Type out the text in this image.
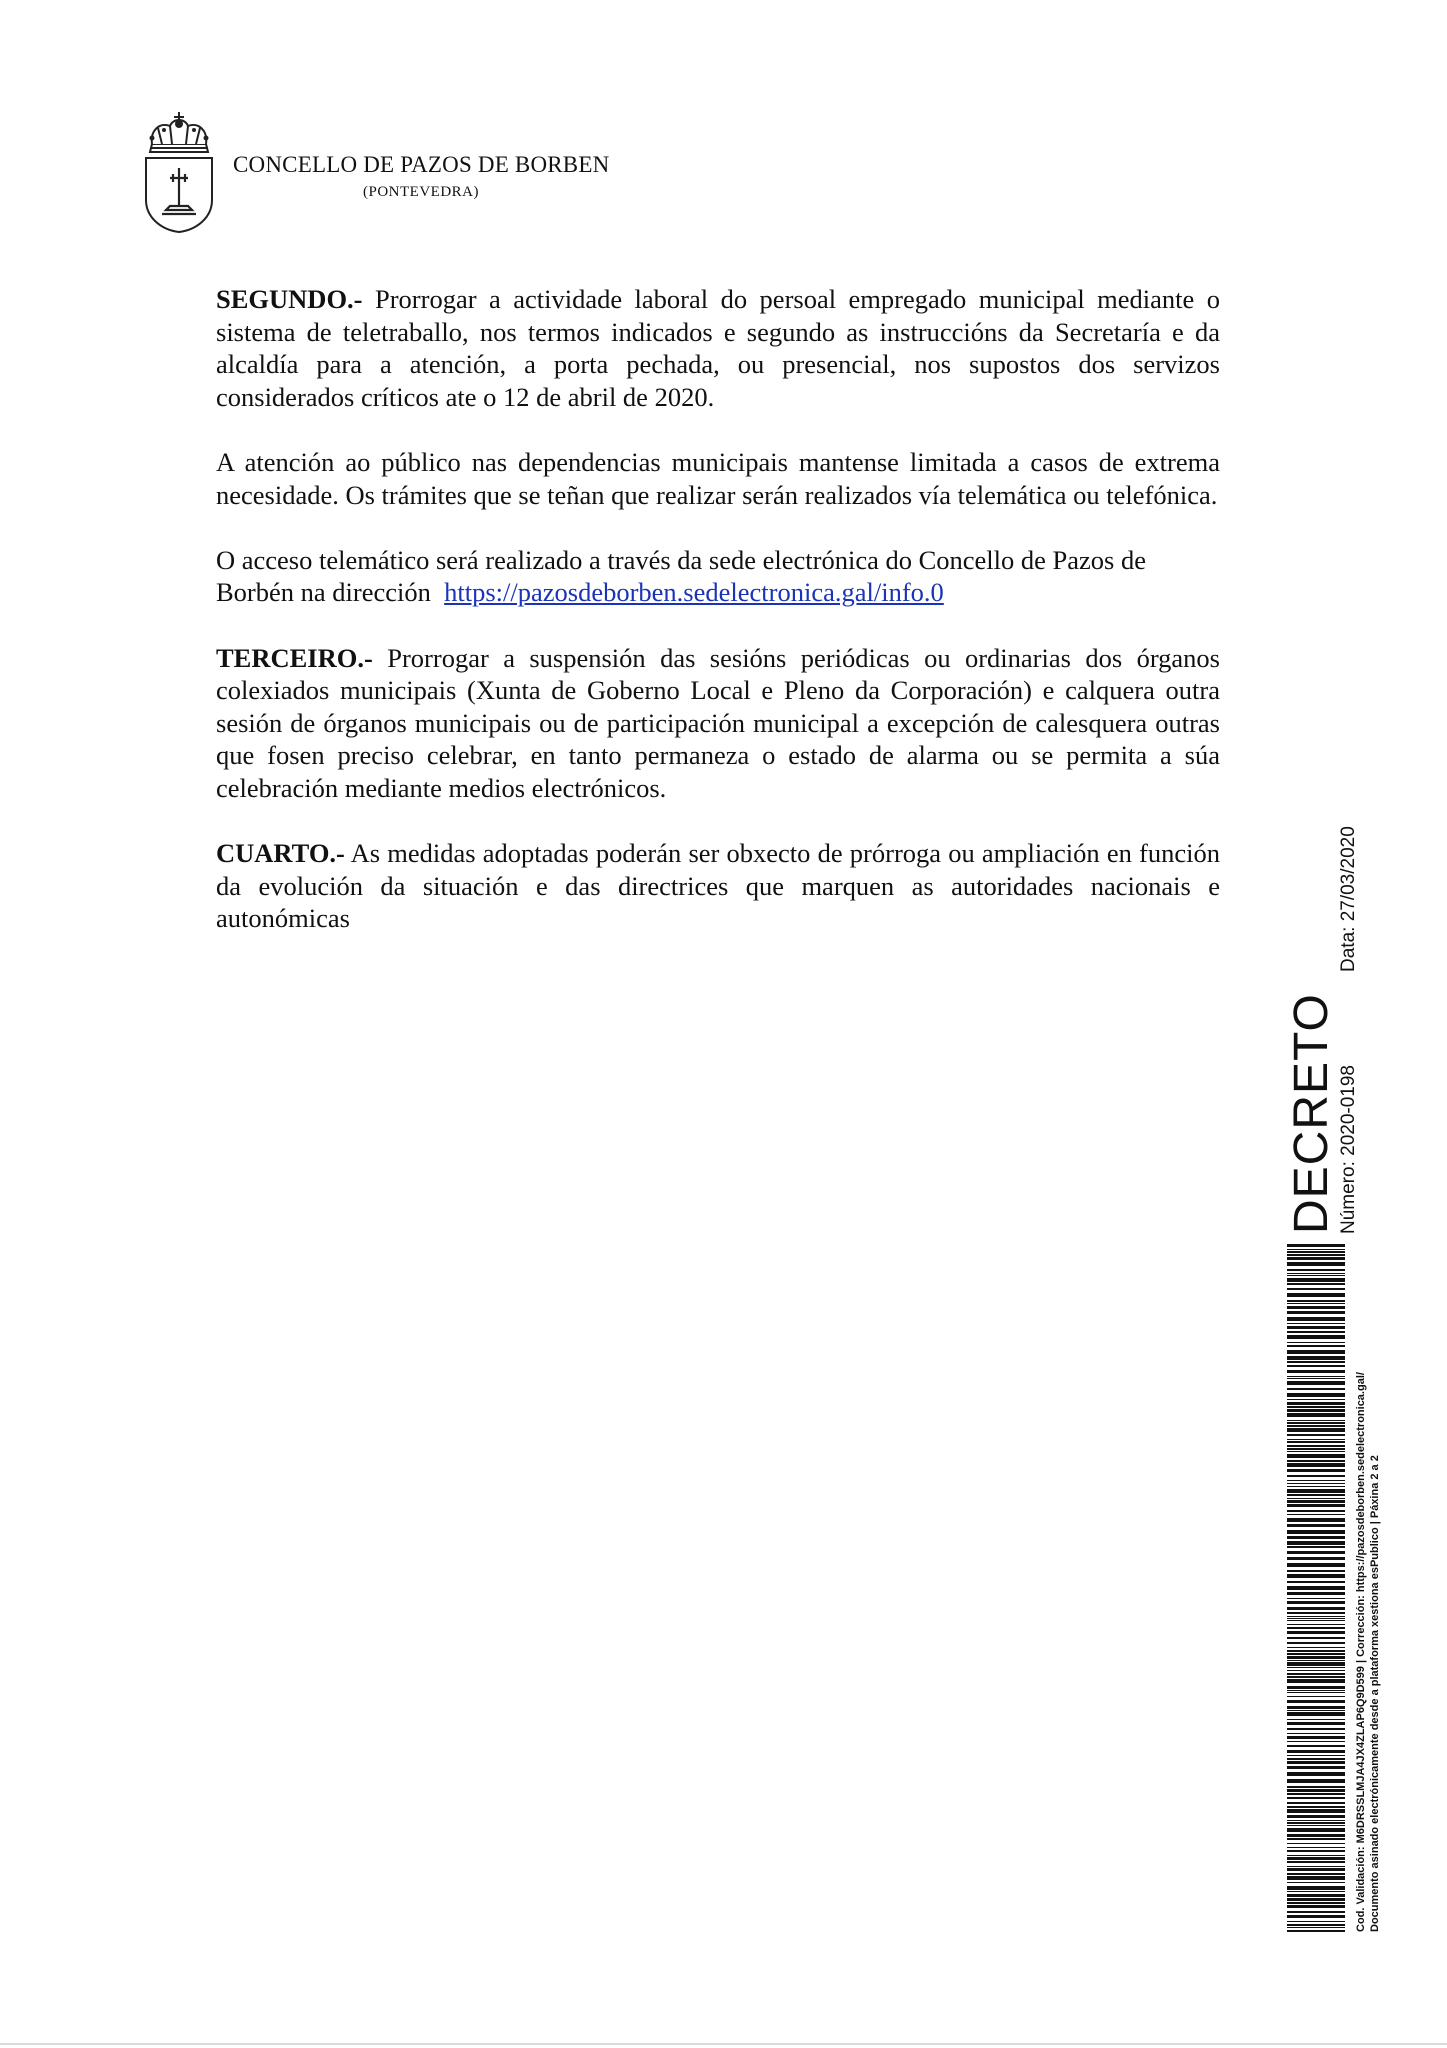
CONCELLO DE PAZOS DE BORBEN
(PONTEVEDRA)

SEGUNDO.- Prorrogar a actividade laboral do persoal empregado municipal mediante o sistema de teletraballo, nos termos indicados e segundo as instruccións da Secretaría e da alcaldía para a atención, a porta pechada, ou presencial, nos supostos dos servizos considerados críticos ate o 12 de abril de 2020.

A atención ao público nas dependencias municipais mantense limitada a casos de extrema necesidade. Os trámites que se teñan que realizar serán realizados vía telemática ou telefónica.

O acceso telemático será realizado a través da sede electrónica do Concello de Pazos de Borbén na dirección  https://pazosdeborben.sedelectronica.gal/info.0

TERCEIRO.- Prorrogar a suspensión das sesións periódicas ou ordinarias dos órganos colexiados municipais (Xunta de Goberno Local e Pleno da Corporación) e calquera outra sesión de órganos municipais ou de participación municipal a excepción de calesquera outras que fosen preciso celebrar, en tanto permaneza o estado de alarma ou se permita a súa celebración mediante medios electrónicos.

CUARTO.- As medidas adoptadas poderán ser obxecto de prórroga ou ampliación en función da evolución da situación e das directrices que marquen as autoridades nacionais e autonómicas

DECRETO Número: 2020-0198
Data: 27/03/2020
Cod. Validación: M6DRSSLMJA4JX4ZLAP6Q9D599 | Corrección: https://pazosdeborben.sedelectronica.gal/ Documento asinado electrónicamente desde a plataforma xestiona esPublico | Páxina 2 a 2
